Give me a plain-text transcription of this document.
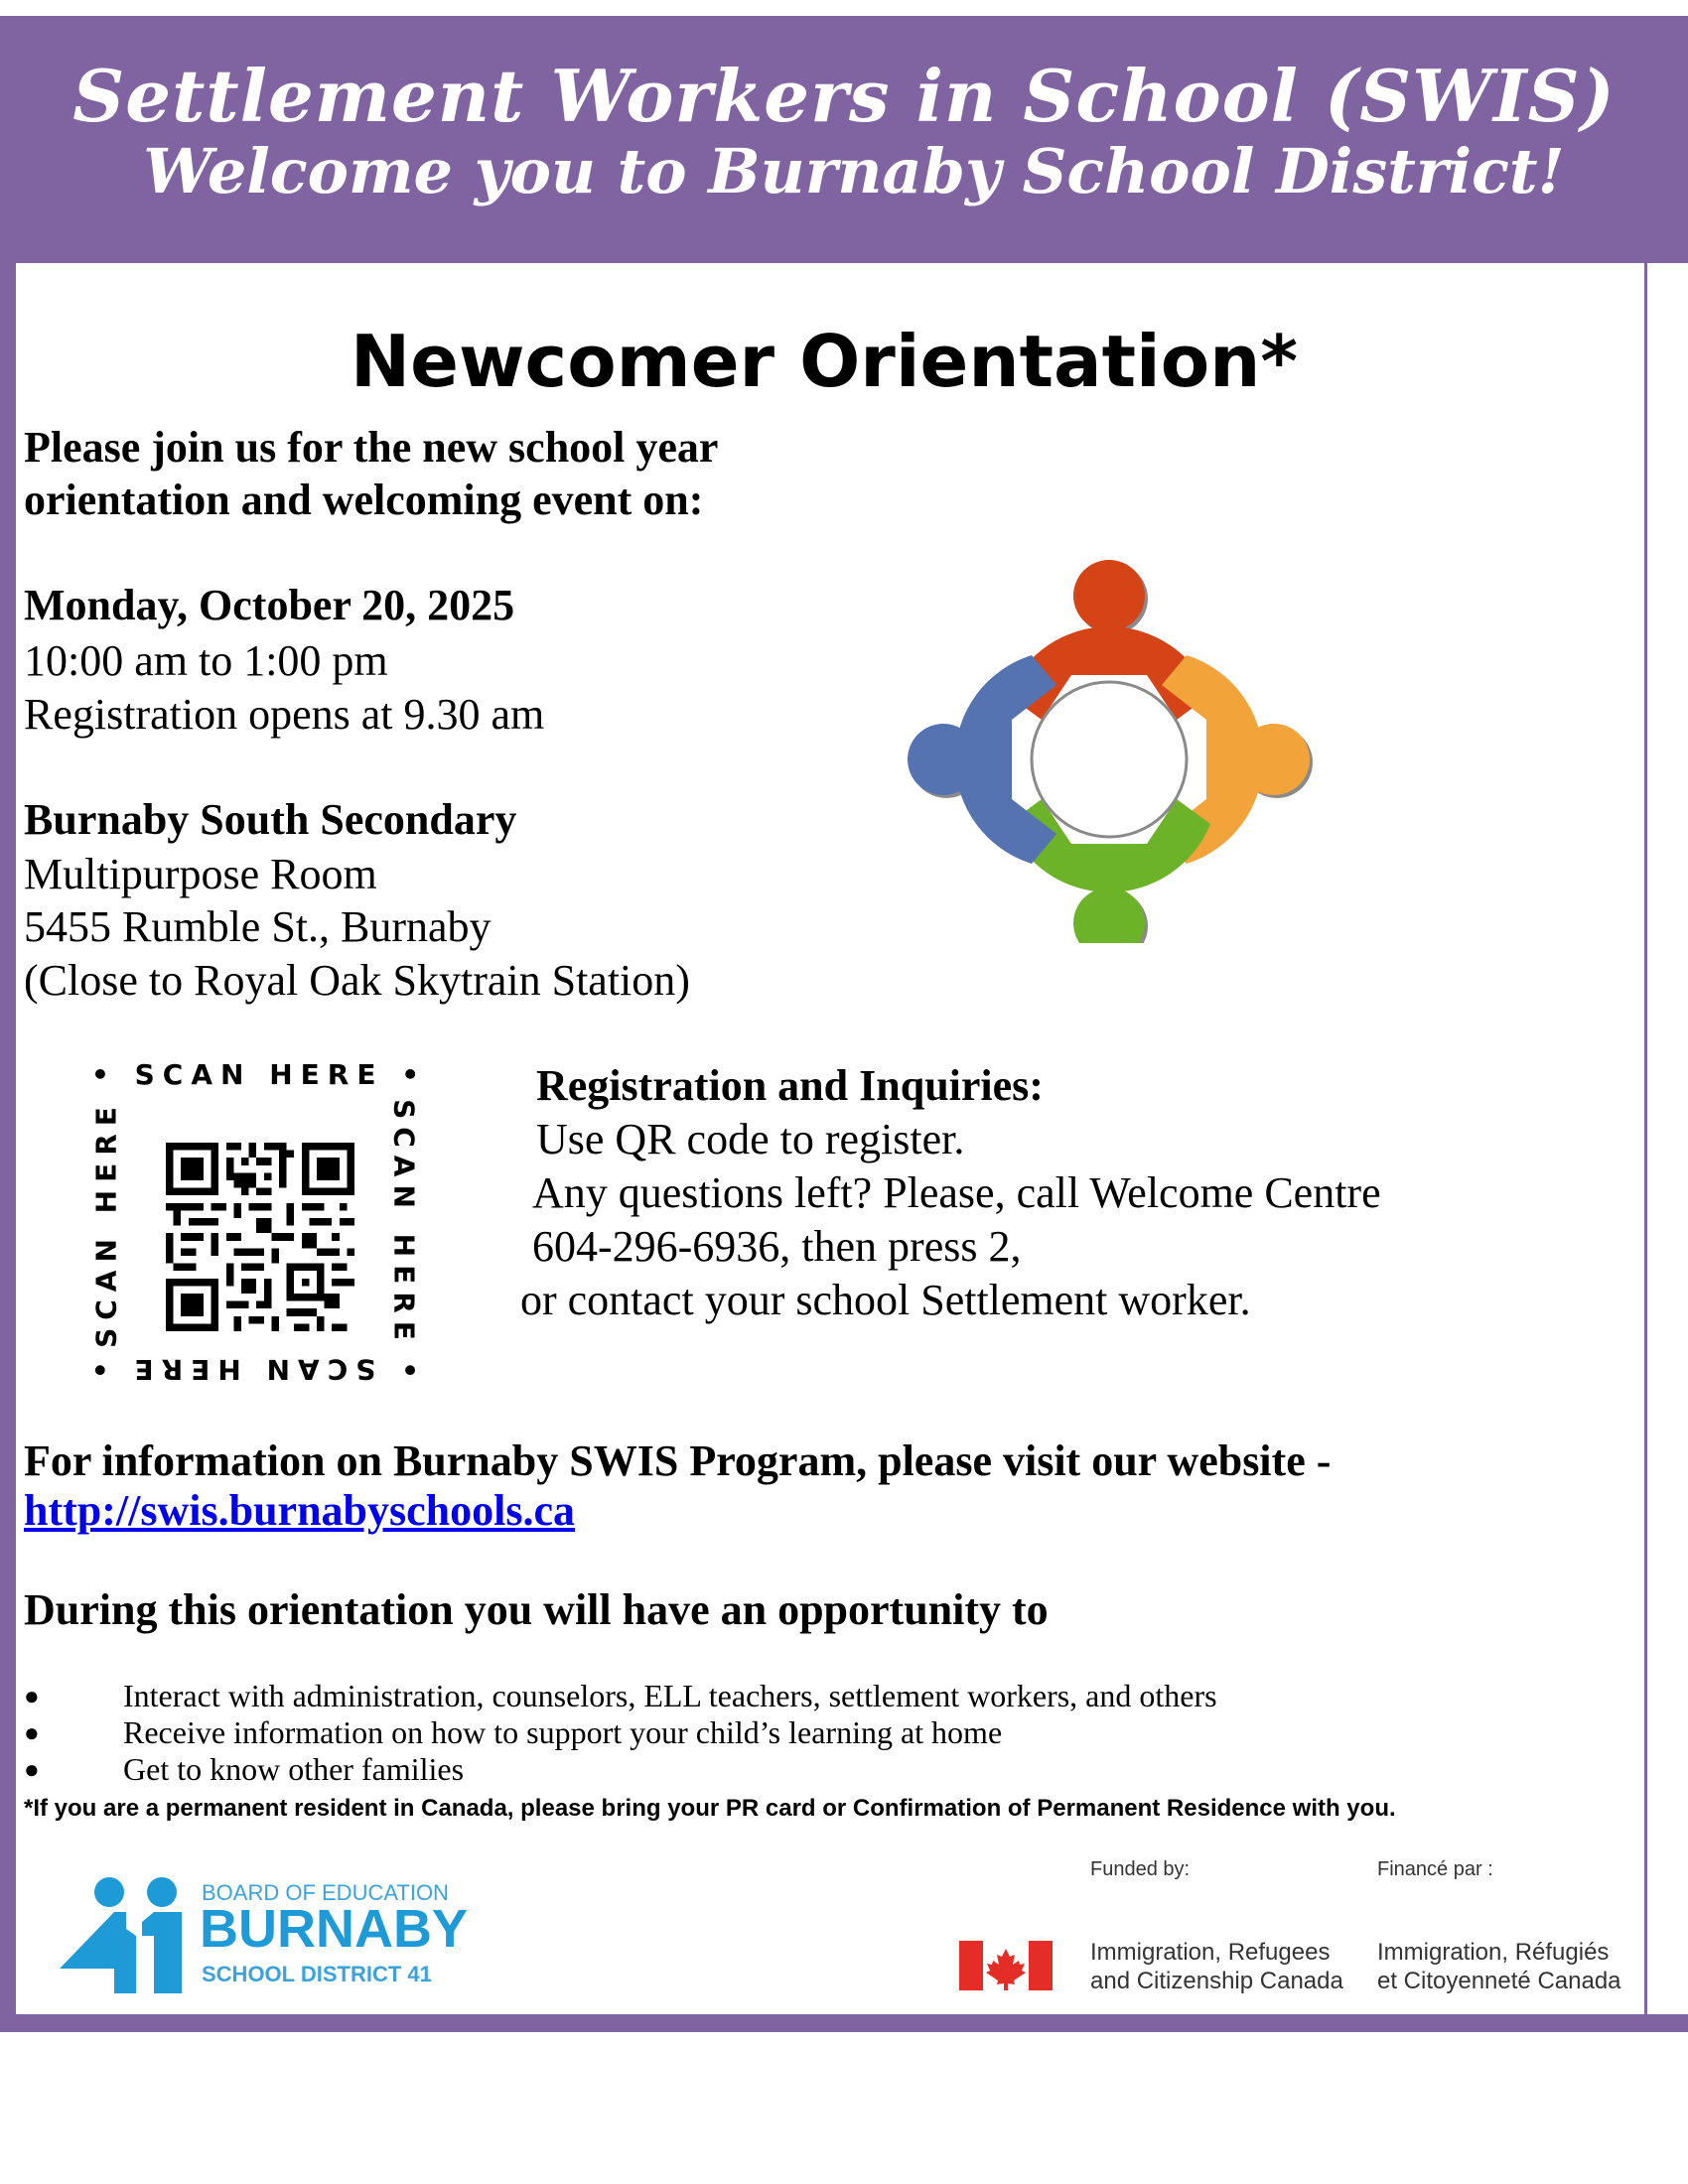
Settlement Workers in School (SWIS)
Welcome you to Burnaby School District!
Newcomer Orientation*
Please join us for the new school year
orientation and welcoming event on:
Monday, October 20, 2025
10:00 am to 1:00 pm
Registration opens at 9.30 am
Burnaby South Secondary
Multipurpose Room
5455 Rumble St., Burnaby
(Close to Royal Oak Skytrain Station)
• SCAN HERE •
• SCAN HERE •
SCAN HERE	SCAN HERE
Registration and Inquiries:
Use QR code to register.
Any questions left? Please, call Welcome Centre
604-296-6936, then press 2,
or contact your school Settlement worker.
For information on Burnaby SWIS Program, please visit our website -
http://swis.burnabyschools.ca
During this orientation you will have an opportunity to
●	Interact with administration, counselors, ELL teachers, settlement workers, and others
●	Receive information on how to support your child’s learning at home
●	Get to know other families
*If you are a permanent resident in Canada, please bring your PR card or Confirmation of Permanent Residence with you.
BOARD OF EDUCATION
BURNABY
SCHOOL DISTRICT 41
Funded by:	Financé par :
Immigration, Refugees
and Citizenship Canada
Immigration, Réfugiés
et Citoyenneté Canada
